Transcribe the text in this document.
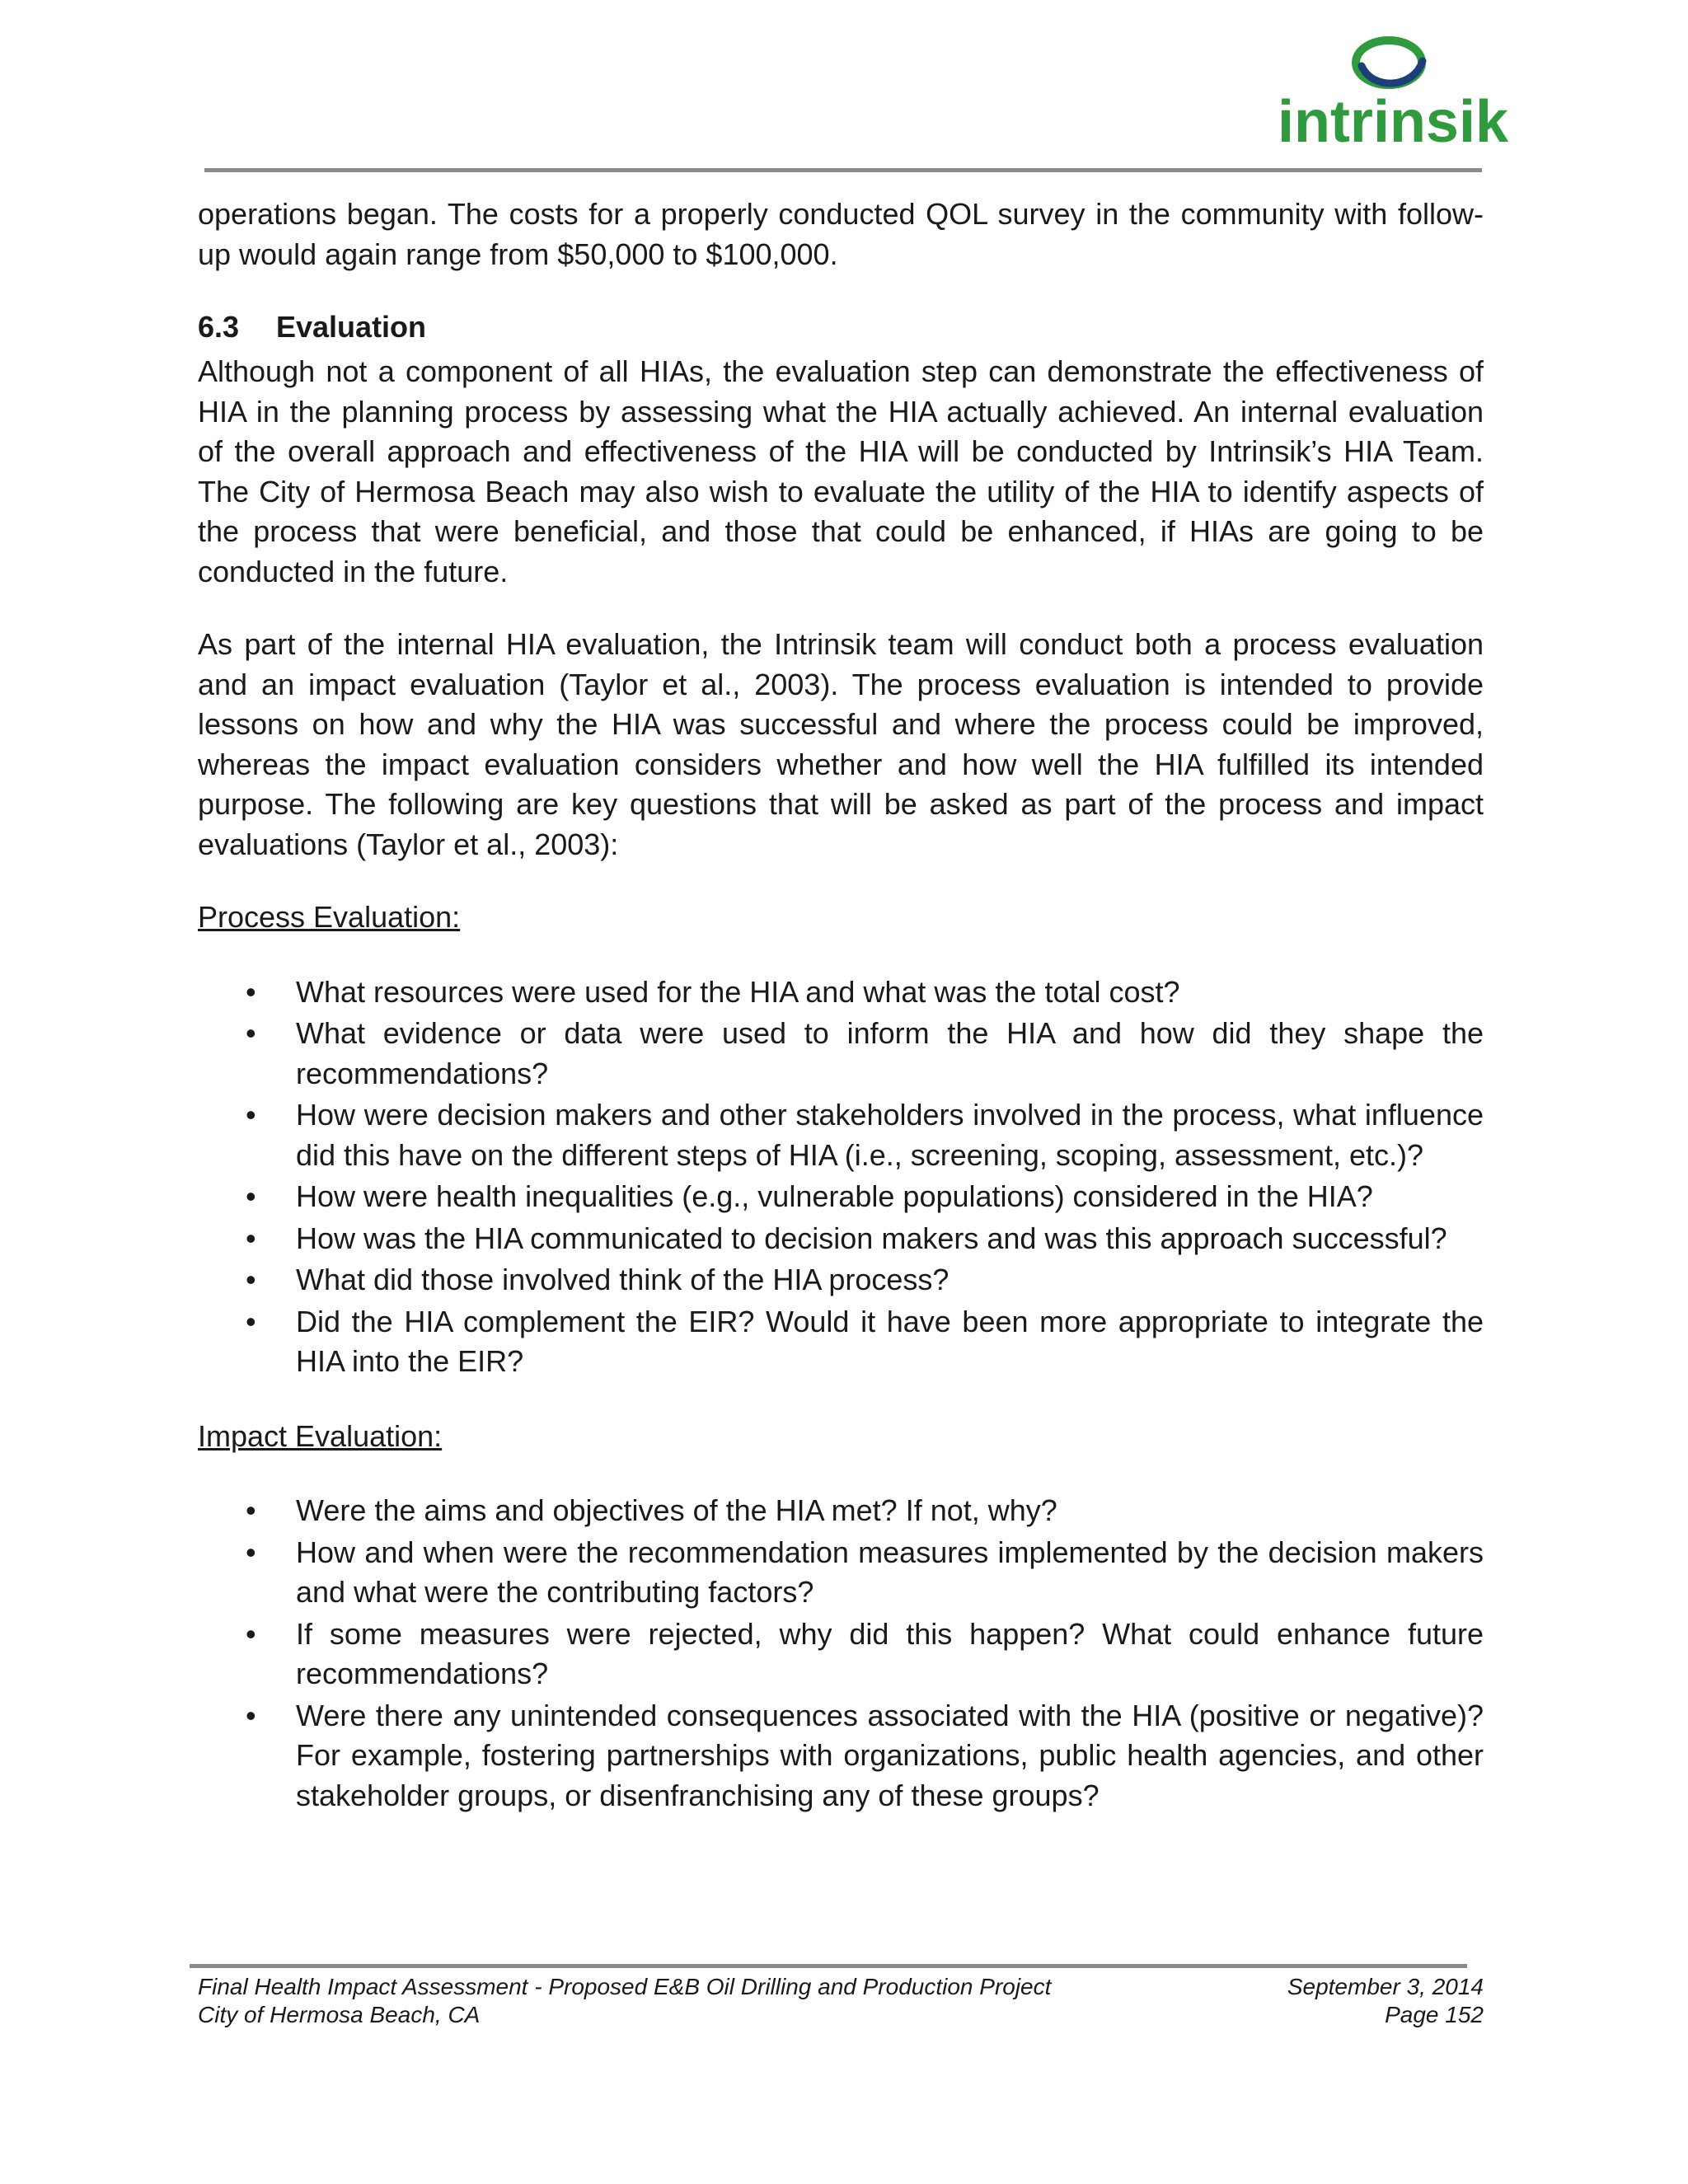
intrinsik

operations began. The costs for a properly conducted QOL survey in the community with follow-up would again range from $50,000 to $100,000.

6.3 Evaluation

Although not a component of all HIAs, the evaluation step can demonstrate the effectiveness of HIA in the planning process by assessing what the HIA actually achieved. An internal evaluation of the overall approach and effectiveness of the HIA will be conducted by Intrinsik’s HIA Team. The City of Hermosa Beach may also wish to evaluate the utility of the HIA to identify aspects of the process that were beneficial, and those that could be enhanced, if HIAs are going to be conducted in the future.

As part of the internal HIA evaluation, the Intrinsik team will conduct both a process evaluation and an impact evaluation (Taylor et al., 2003). The process evaluation is intended to provide lessons on how and why the HIA was successful and where the process could be improved, whereas the impact evaluation considers whether and how well the HIA fulfilled its intended purpose. The following are key questions that will be asked as part of the process and impact evaluations (Taylor et al., 2003):

Process Evaluation:
• What resources were used for the HIA and what was the total cost?
• What evidence or data were used to inform the HIA and how did they shape the recommendations?
• How were decision makers and other stakeholders involved in the process, what influence did this have on the different steps of HIA (i.e., screening, scoping, assessment, etc.)?
• How were health inequalities (e.g., vulnerable populations) considered in the HIA?
• How was the HIA communicated to decision makers and was this approach successful?
• What did those involved think of the HIA process?
• Did the HIA complement the EIR? Would it have been more appropriate to integrate the HIA into the EIR?
Impact Evaluation:
• Were the aims and objectives of the HIA met? If not, why?
• How and when were the recommendation measures implemented by the decision makers and what were the contributing factors?
• If some measures were rejected, why did this happen? What could enhance future recommendations?
• Were there any unintended consequences associated with the HIA (positive or negative)? For example, fostering partnerships with organizations, public health agencies, and other stakeholder groups, or disenfranchising any of these groups?
Final Health Impact Assessment - Proposed E&B Oil Drilling and Production Project	September 3, 2014
City of Hermosa Beach, CA	Page 152
